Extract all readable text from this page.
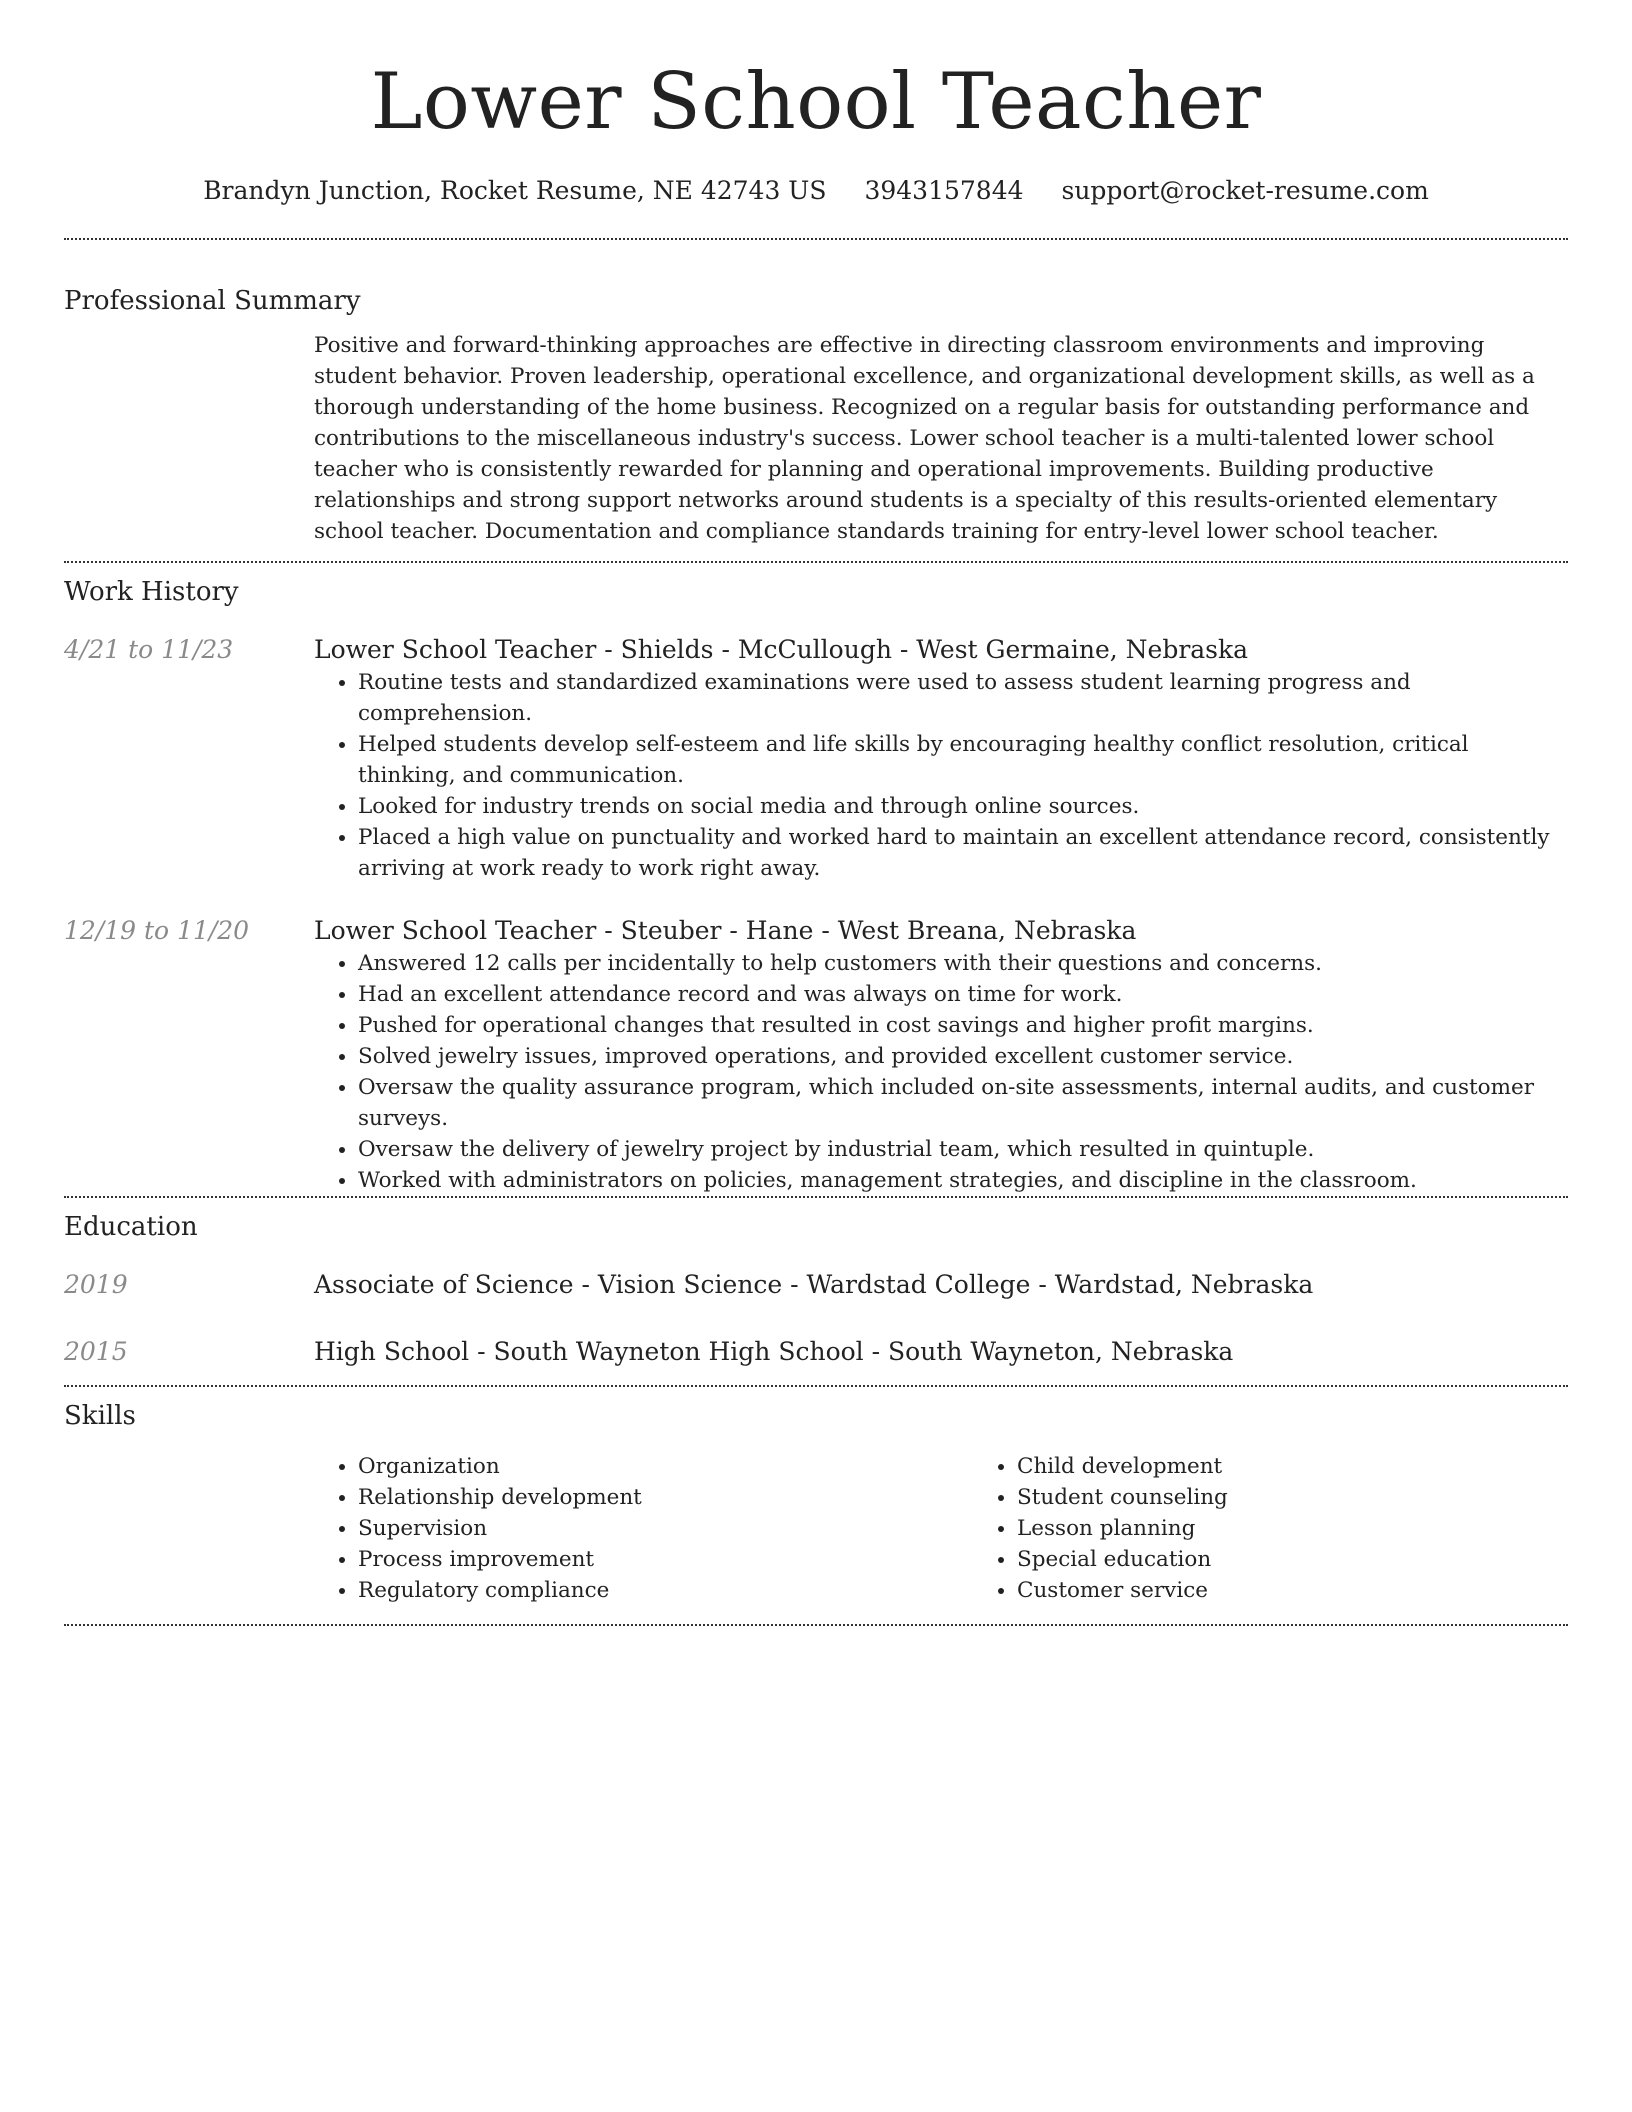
Lower School Teacher
Brandyn Junction, Rocket Resume, NE 42743 US 3943157844 support@rocket-resume.com
Professional Summary

Positive and forward-thinking approaches are effective in directing classroom environments and improving student behavior. Proven leadership, operational excellence, and organizational development skills, as well as a thorough understanding of the home business. Recognized on a regular basis for outstanding performance and contributions to the miscellaneous industry's success. Lower school teacher is a multi-talented lower school teacher who is consistently rewarded for planning and operational improvements. Building productive relationships and strong support networks around students is a specialty of this results-oriented elementary school teacher. Documentation and compliance standards training for entry-level lower school teacher.

Work History
4/21 to 11/23	Lower School Teacher - Shields - McCullough - West Germaine, Nebraska
• Routine tests and standardized examinations were used to assess student learning progress and comprehension.
• Helped students develop self-esteem and life skills by encouraging healthy conflict resolution, critical thinking, and communication.
• Looked for industry trends on social media and through online sources.
• Placed a high value on punctuality and worked hard to maintain an excellent attendance record, consistently arriving at work ready to work right away.
12/19 to 11/20	Lower School Teacher - Steuber - Hane - West Breana, Nebraska
• Answered 12 calls per incidentally to help customers with their questions and concerns.
• Had an excellent attendance record and was always on time for work.
• Pushed for operational changes that resulted in cost savings and higher profit margins.
• Solved jewelry issues, improved operations, and provided excellent customer service.
• Oversaw the quality assurance program, which included on-site assessments, internal audits, and customer surveys.
• Oversaw the delivery of jewelry project by industrial team, which resulted in quintuple.
• Worked with administrators on policies, management strategies, and discipline in the classroom.
Education
2019	Associate of Science - Vision Science - Wardstad College - Wardstad, Nebraska
2015	High School - South Wayneton High School - South Wayneton, Nebraska
Skills
• Organization
• Relationship development
• Supervision
• Process improvement
• Regulatory compliance
• Child development
• Student counseling
• Lesson planning
• Special education
• Customer service
